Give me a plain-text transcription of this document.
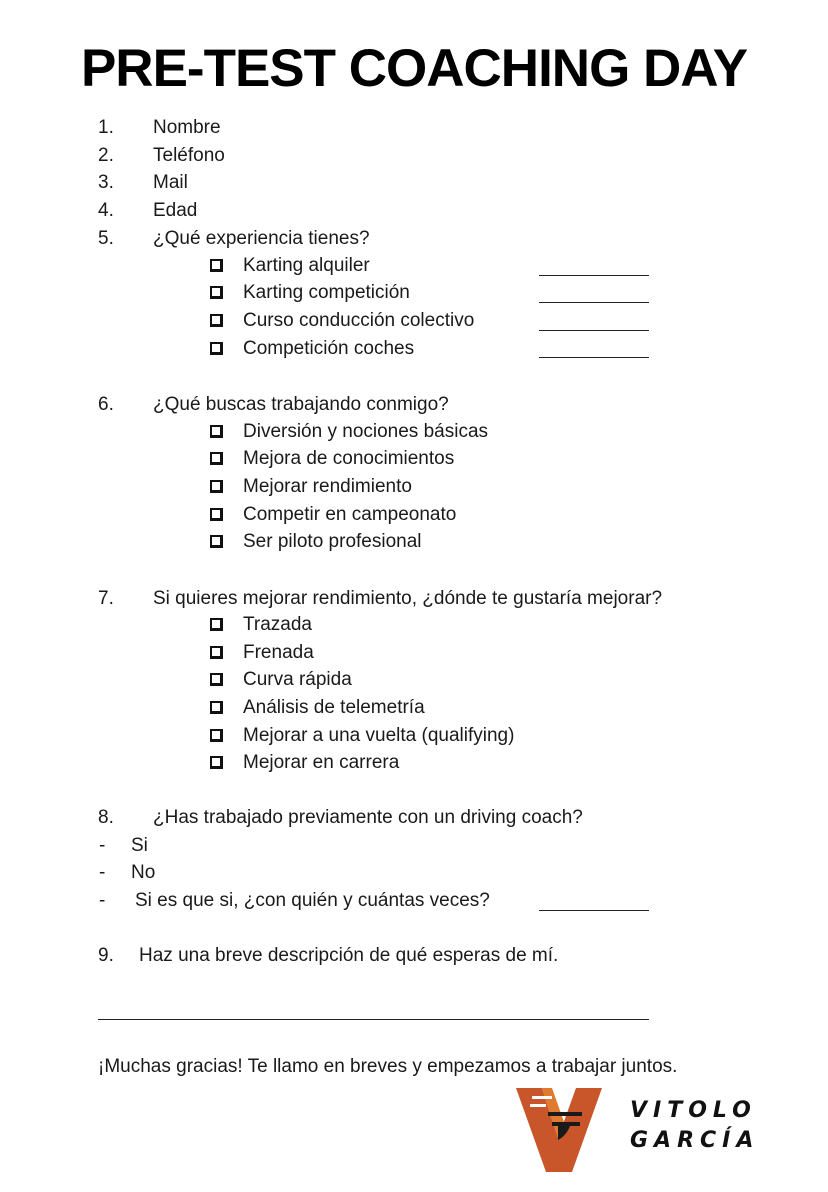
PRE-TEST COACHING DAY
1. Nombre
2. Teléfono
3. Mail
4. Edad
5. ¿Qué experiencia tienes?
Karting alquiler
Karting competición
Curso conducción colectivo
Competición coches
6. ¿Qué buscas trabajando conmigo?
Diversión y nociones básicas
Mejora de conocimientos
Mejorar rendimiento
Competir en campeonato
Ser piloto profesional
7. Si quieres mejorar rendimiento, ¿dónde te gustaría mejorar?
Trazada
Frenada
Curva rápida
Análisis de telemetría
Mejorar a una vuelta (qualifying)
Mejorar en carrera
8. ¿Has trabajado previamente con un driving coach?
- Si
- No
- Si es que si, ¿con quién y cuántas veces?
9. Haz una breve descripción de qué esperas de mí.
¡Muchas gracias! Te llamo en breves y empezamos a trabajar juntos.
VITOLO
GARCÍA
